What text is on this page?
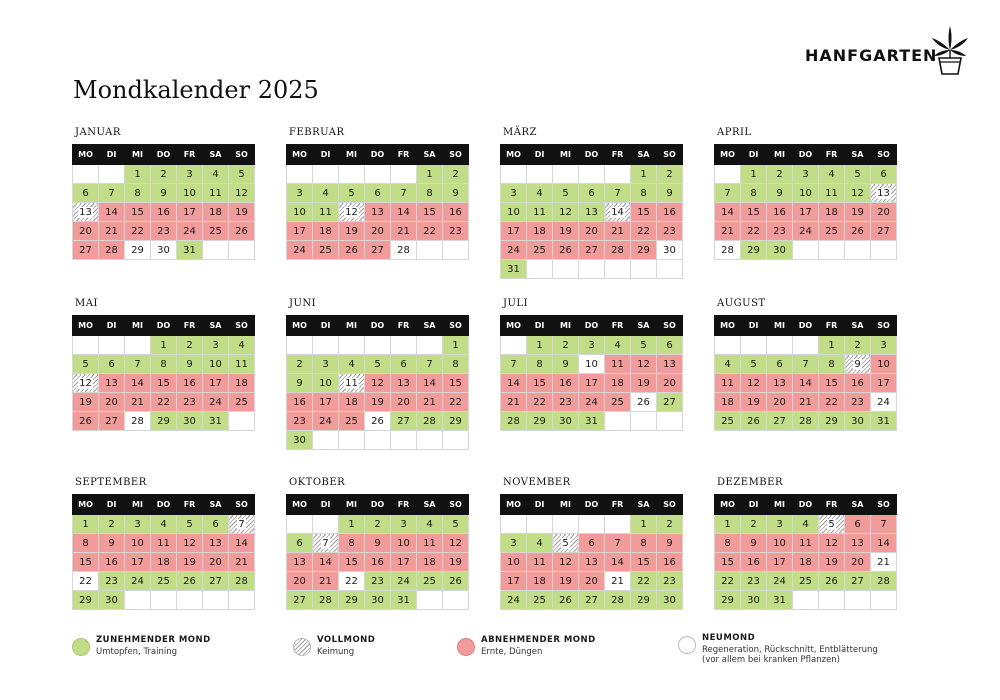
HANFGARTEN
Mondkalender 2025
JANUAR
MO	DI	MI	DO	FR	SA	SO
		1	2	3	4	5
6	7	8	9	10	11	12
13	14	15	16	17	18	19
20	21	22	23	24	25	26
27	28	29	30	31		
FEBRUAR
MO	DI	MI	DO	FR	SA	SO
					1	2
3	4	5	6	7	8	9
10	11	12	13	14	15	16
17	18	19	20	21	22	23
24	25	26	27	28		
MÄRZ
MO	DI	MI	DO	FR	SA	SO
					1	2
3	4	5	6	7	8	9
10	11	12	13	14	15	16
17	18	19	20	21	22	23
24	25	26	27	28	29	30
31						
APRIL
MO	DI	MI	DO	FR	SA	SO
	1	2	3	4	5	6
7	8	9	10	11	12	13
14	15	16	17	18	19	20
21	22	23	24	25	26	27
28	29	30				
MAI
MO	DI	MI	DO	FR	SA	SO
			1	2	3	4
5	6	7	8	9	10	11
12	13	14	15	16	17	18
19	20	21	22	23	24	25
26	27	28	29	30	31	
JUNI
MO	DI	MI	DO	FR	SA	SO
						1
2	3	4	5	6	7	8
9	10	11	12	13	14	15
16	17	18	19	20	21	22
23	24	25	26	27	28	29
30						
JULI
MO	DI	MI	DO	FR	SA	SO
	1	2	3	4	5	6
7	8	9	10	11	12	13
14	15	16	17	18	19	20
21	22	23	24	25	26	27
28	29	30	31			
AUGUST
MO	DI	MI	DO	FR	SA	SO
				1	2	3
4	5	6	7	8	9	10
11	12	13	14	15	16	17
18	19	20	21	22	23	24
25	26	27	28	29	30	31
SEPTEMBER
MO	DI	MI	DO	FR	SA	SO
1	2	3	4	5	6	7
8	9	10	11	12	13	14
15	16	17	18	19	20	21
22	23	24	25	26	27	28
29	30					
OKTOBER
MO	DI	MI	DO	FR	SA	SO
		1	2	3	4	5
6	7	8	9	10	11	12
13	14	15	16	17	18	19
20	21	22	23	24	25	26
27	28	29	30	31		
NOVEMBER
MO	DI	MI	DO	FR	SA	SO
					1	2
3	4	5	6	7	8	9
10	11	12	13	14	15	16
17	18	19	20	21	22	23
24	25	26	27	28	29	30
DEZEMBER
MO	DI	MI	DO	FR	SA	SO
1	2	3	4	5	6	7
8	9	10	11	12	13	14
15	16	17	18	19	20	21
22	23	24	25	26	27	28
29	30	31				
ZUNEHMENDER MOND
Umtopfen, Training
VOLLMOND
Keimung
ABNEHMENDER MOND
Ernte, Düngen
NEUMOND
Regeneration, Rückschnitt, Entblätterung
(vor allem bei kranken Pflanzen)
